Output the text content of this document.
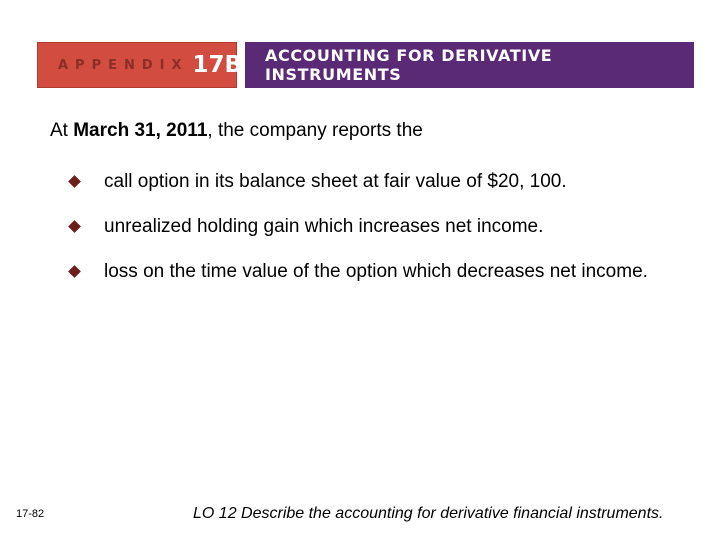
APPENDIX 17B ACCOUNTING FOR DERIVATIVE INSTRUMENTS
At March 31, 2011, the company reports the
call option in its balance sheet at fair value of $20, 100.
unrealized holding gain which increases net income.
loss on the time value of the option which decreases net income.
17-82	LO 12 Describe the accounting for derivative financial instruments.
